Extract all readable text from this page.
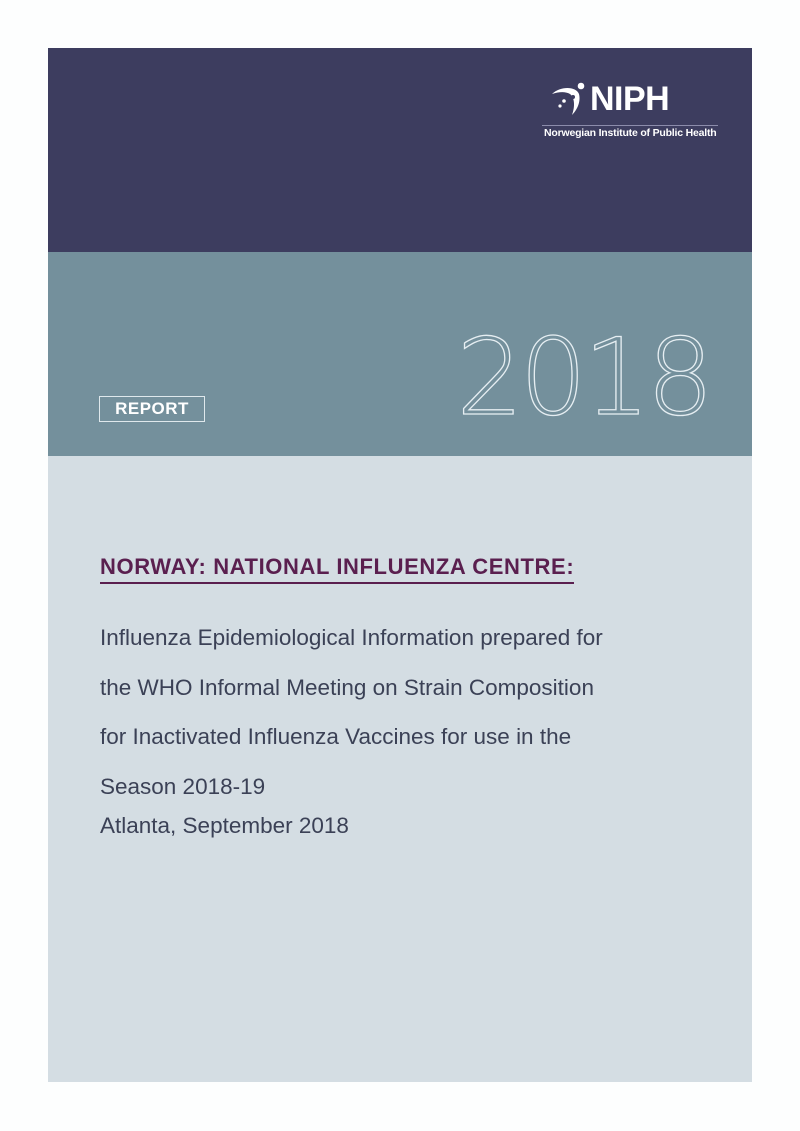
NIPH
Norwegian Institute of Public Health
2018
REPORT
NORWAY: NATIONAL INFLUENZA CENTRE:
Influenza Epidemiological Information prepared for
the WHO Informal Meeting on Strain Composition
for Inactivated Influenza Vaccines for use in the
Season 2018-19
Atlanta, September 2018
